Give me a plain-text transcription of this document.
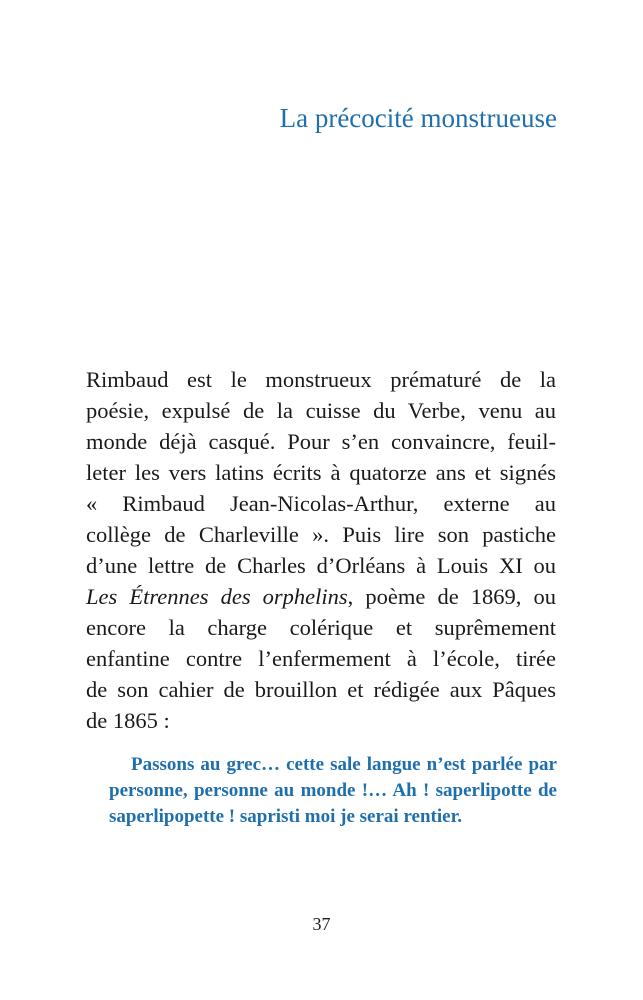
La précocité monstrueuse
Rimbaud est le monstrueux prématuré de la
poésie, expulsé de la cuisse du Verbe, venu au
monde déjà casqué. Pour s’en convaincre, feuil-
leter les vers latins écrits à quatorze ans et signés
« Rimbaud Jean-Nicolas-Arthur, externe au
collège de Charleville ». Puis lire son pastiche
d’une lettre de Charles d’Orléans à Louis XI ou
Les Étrennes des orphelins, poème de 1869, ou
encore la charge colérique et suprêmement
enfantine contre l’enfermement à l’école, tirée
de son cahier de brouillon et rédigée aux Pâques
de 1865 :
Passons au grec… cette sale langue n’est parlée par
personne, personne au monde !… Ah ! saperlipotte de
saperlipopette ! sapristi moi je serai rentier.
37
